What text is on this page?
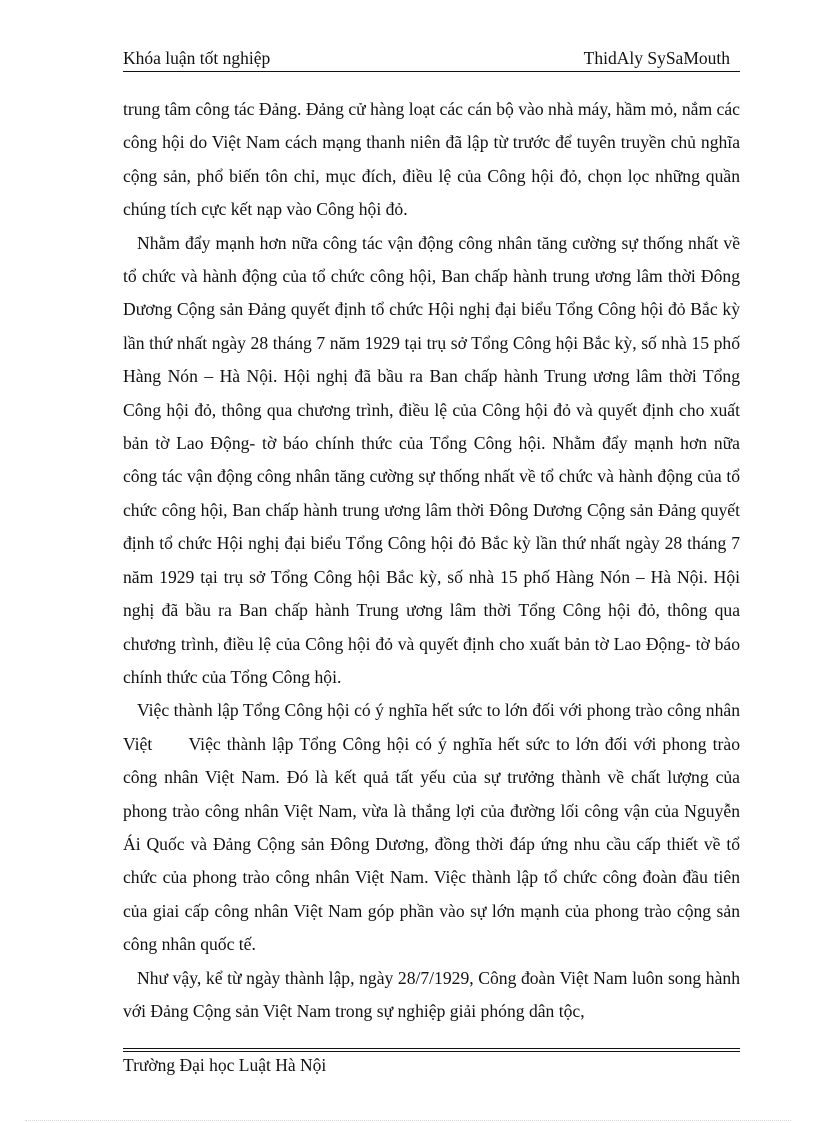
Khóa luận tốt nghiệp	ThidAly SySaMouth

trung tâm công tác Đảng. Đảng cử hàng loạt các cán bộ vào nhà máy, hầm mỏ, nắm các công hội do Việt Nam cách mạng thanh niên đã lập từ trước để tuyên truyền chủ nghĩa cộng sản, phổ biến tôn chỉ, mục đích, điều lệ của Công hội đỏ, chọn lọc những quần chúng tích cực kết nạp vào Công hội đỏ.

Nhằm đẩy mạnh hơn nữa công tác vận động công nhân tăng cường sự thống nhất về tổ chức và hành động của tổ chức công hội, Ban chấp hành trung ương lâm thời Đông Dương Cộng sản Đảng quyết định tổ chức Hội nghị đại biểu Tổng Công hội đỏ Bắc kỳ lần thứ nhất ngày 28 tháng 7 năm 1929 tại trụ sở Tổng Công hội Bắc kỳ, số nhà 15 phố Hàng Nón – Hà Nội. Hội nghị đã bầu ra Ban chấp hành Trung ương lâm thời Tổng Công hội đỏ, thông qua chương trình, điều lệ của Công hội đỏ và quyết định cho xuất bản tờ Lao Động- tờ báo chính thức của Tổng Công hội. Nhằm đẩy mạnh hơn nữa công tác vận động công nhân tăng cường sự thống nhất về tổ chức và hành động của tổ chức công hội, Ban chấp hành trung ương lâm thời Đông Dương Cộng sản Đảng quyết định tổ chức Hội nghị đại biểu Tổng Công hội đỏ Bắc kỳ lần thứ nhất ngày 28 tháng 7 năm 1929 tại trụ sở Tổng Công hội Bắc kỳ, số nhà 15 phố Hàng Nón – Hà Nội. Hội nghị đã bầu ra Ban chấp hành Trung ương lâm thời Tổng Công hội đỏ, thông qua chương trình, điều lệ của Công hội đỏ và quyết định cho xuất bản tờ Lao Động- tờ báo chính thức của Tổng Công hội.

Việc thành lập Tổng Công hội có ý nghĩa hết sức to lớn đối với phong trào công nhân Việt      Việc thành lập Tổng Công hội có ý nghĩa hết sức to lớn đối với phong trào công nhân Việt Nam. Đó là kết quả tất yếu của sự trưởng thành về chất lượng của phong trào công nhân Việt Nam, vừa là thắng lợi của đường lối công vận của Nguyễn Ái Quốc và Đảng Cộng sản Đông Dương, đồng thời đáp ứng nhu cầu cấp thiết về tổ chức của phong trào công nhân Việt Nam. Việc thành lập tổ chức công đoàn đầu tiên của giai cấp công nhân Việt Nam góp phần vào sự lớn mạnh của phong trào cộng sản công nhân quốc tế.

Như vậy, kể từ ngày thành lập, ngày 28/7/1929, Công đoàn Việt Nam luôn song hành với Đảng Cộng sản Việt Nam trong sự nghiệp giải phóng dân tộc,

Trường Đại học Luật Hà Nội
